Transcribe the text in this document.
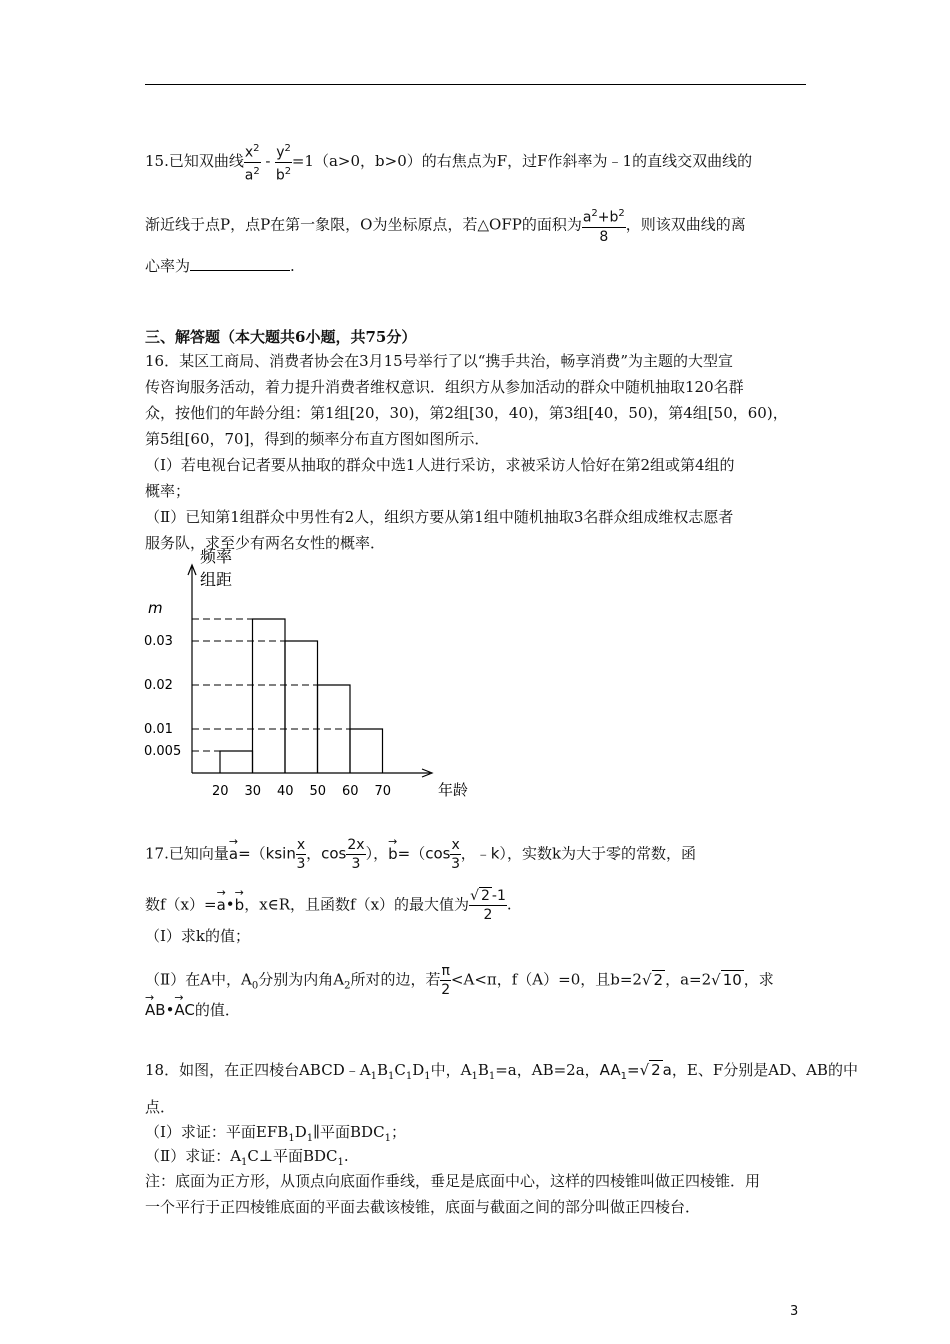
15.已知双曲线 $\frac{x^2}{a^2} - \frac{y^2}{b^2} =1(a>0$，b>0）的右焦点为F，过F作斜率为﹣1的直线交双曲线的
渐近线于点P，点P在第一象限，O为坐标原点，若△OFP的面积为 $\frac{a^2+b^2}{8}$ ，则该双曲线的离
心率为	.
三、解答题（本大题共6小题，共75分）
16．某区工商局、消费者协会在3月15号举行了以“携手共治，畅享消费”为主题的大型宣
传咨询服务活动，着力提升消费者维权意识．组织方从参加活动的群众中随机抽取120名群
众，按他们的年龄分组：第1组[20，30)，第2组[30，40)，第3组[40，50)，第4组[50，60)，
第5组[60，70]，得到的频率分布直方图如图所示．
（Ⅰ）若电视台记者要从抽取的群众中选1人进行采访，求被采访人恰好在第2组或第4组的
概率；
（Ⅱ）已知第1组群众中男性有2人，组织方要从第1组中随机抽取3名群众组成维权志愿者
服务队，求至少有两名女性的概率．
频率
组距
m
0.03
0.02
0.01
0.005
20 30 40 50 60 70	年龄
17.已知向量→ $a=(ksin \frac{x}{3}$ ，$\cos \frac{2x}{3}$ ），→ $b=(\cos \frac{x}{3}$ ，﹣k），实数k为大于零的常数，函
数f（x）=→ a•→ b，x∈R，且函数f（x）的最大值为 $\frac{√ 2 -1}{2}$ .
（Ⅰ）求k的值；
（Ⅱ）在A中，$A_0$分别为内角$A_2$所对的边，若 $\frac{\pi}{2} <A<\pi$，f（A）=0，且b=2√ 2 ，a=2√ 10 ，求
→ AB•→ AC的值．
18．如图，在正四棱台$ABCD﹣A_1B_1C_1D_1$中，$A_1B_1=a$，AB=2a，$AA_1=√$ 2 a，E、F分别是AD、AB的中
点．
（Ⅰ）求证：平面$EFB_1D_1\parallel$平面$BDC_1$；
（Ⅱ）求证：$A_1C\perp$平面$BDC_1$.
注：底面为正方形，从顶点向底面作垂线，垂足是底面中心，这样的四棱锥叫做正四棱锥．用
一个平行于正四棱锥底面的平面去截该棱锥，底面与截面之间的部分叫做正四棱台．
3
